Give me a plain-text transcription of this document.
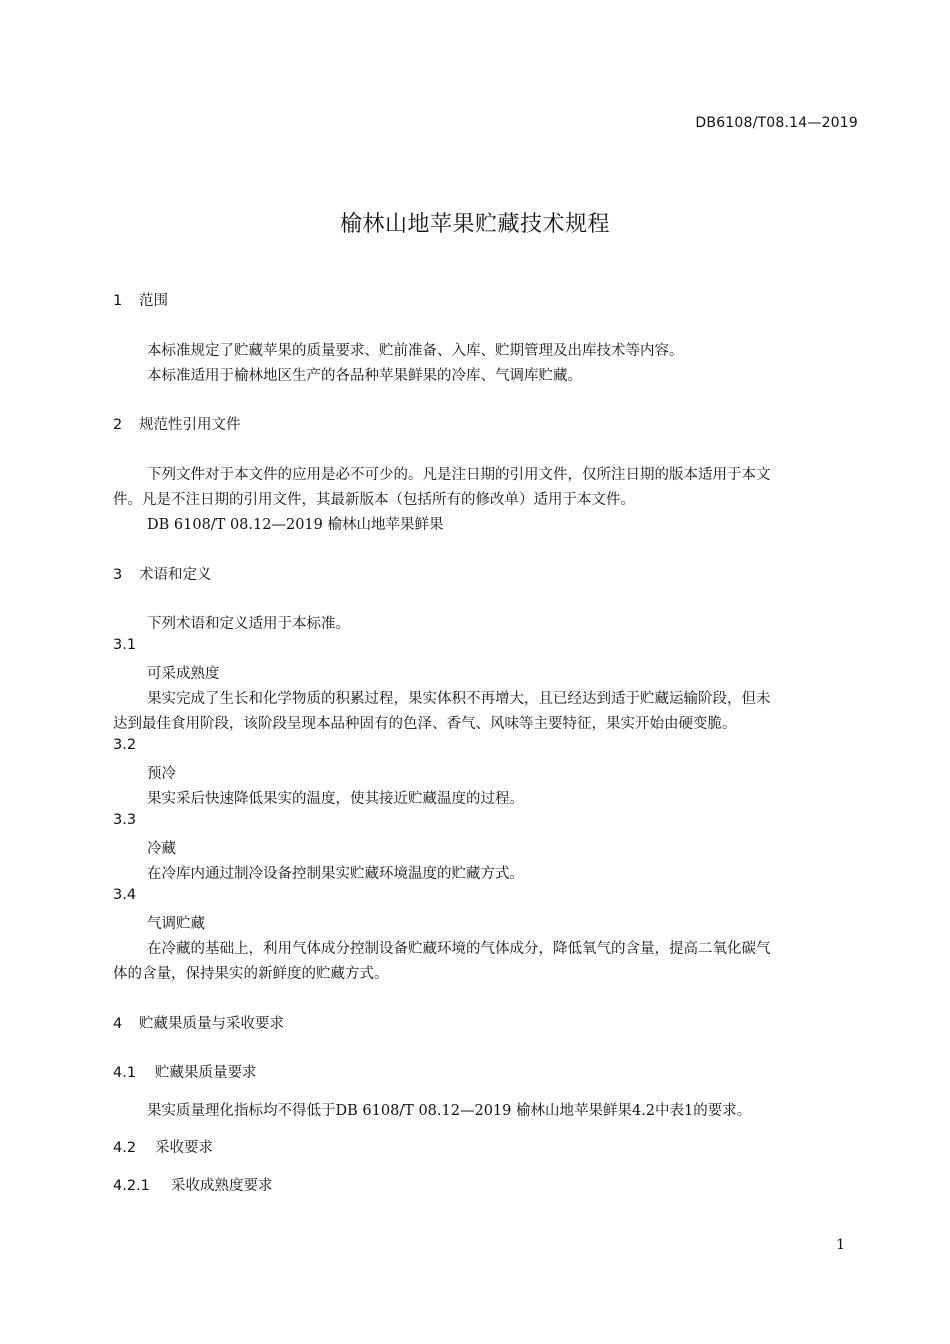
DB6108/T08.14—2019
榆林山地苹果贮藏技术规程
1 范围
本标准规定了贮藏苹果的质量要求、贮前准备、入库、贮期管理及出库技术等内容。
本标准适用于榆林地区生产的各品种苹果鲜果的冷库、气调库贮藏。
2 规范性引用文件
下列文件对于本文件的应用是必不可少的。凡是注日期的引用文件，仅所注日期的版本适用于本文
件。凡是不注日期的引用文件，其最新版本（包括所有的修改单）适用于本文件。
DB 6108/T 08.12—2019 榆林山地苹果鲜果
3 术语和定义
下列术语和定义适用于本标准。
3.1
可采成熟度
果实完成了生长和化学物质的积累过程，果实体积不再增大，且已经达到适于贮藏运输阶段，但未
达到最佳食用阶段，该阶段呈现本品种固有的色泽、香气、风味等主要特征，果实开始由硬变脆。
3.2
预冷
果实采后快速降低果实的温度，使其接近贮藏温度的过程。
3.3
冷藏
在冷库内通过制冷设备控制果实贮藏环境温度的贮藏方式。
3.4
气调贮藏
在冷藏的基础上，利用气体成分控制设备贮藏环境的气体成分，降低氧气的含量，提高二氧化碳气
体的含量，保持果实的新鲜度的贮藏方式。
4 贮藏果质量与采收要求
4.1 贮藏果质量要求
果实质量理化指标均不得低于DB 6108/T 08.12—2019 榆林山地苹果鲜果4.2中表1的要求。
4.2 采收要求
4.2.1 采收成熟度要求
1
